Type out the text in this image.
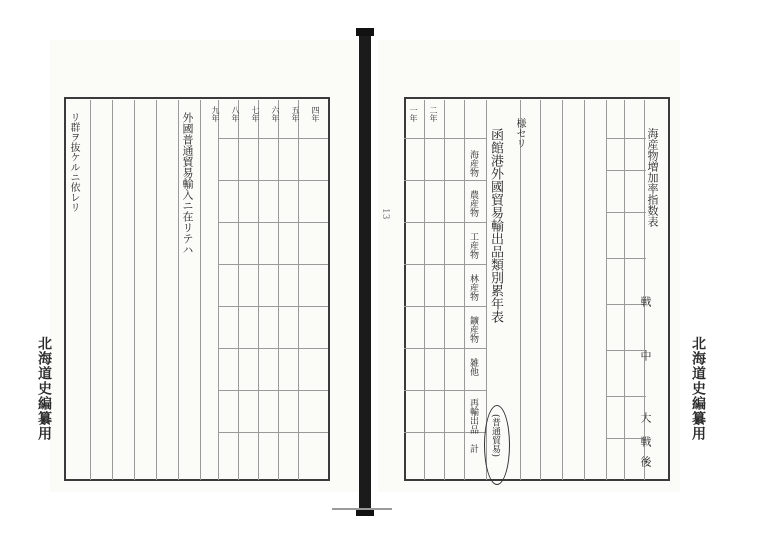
函館港外國貿易輸出品類別累年表
(普通貿易)
海産物増加率指数表
様セリ
海産物
農産物
工産物
林産物
鑛産物
雑他
再輸出品
計
戦
中
大
戦
後
一年 二年
13
外國普通貿易輸入ニ在リテハ
リ群ヲ抜ケルニ依レリ	四年
五年
六年
七年
八年
九年
北海道史編纂用	北海道史編纂用
